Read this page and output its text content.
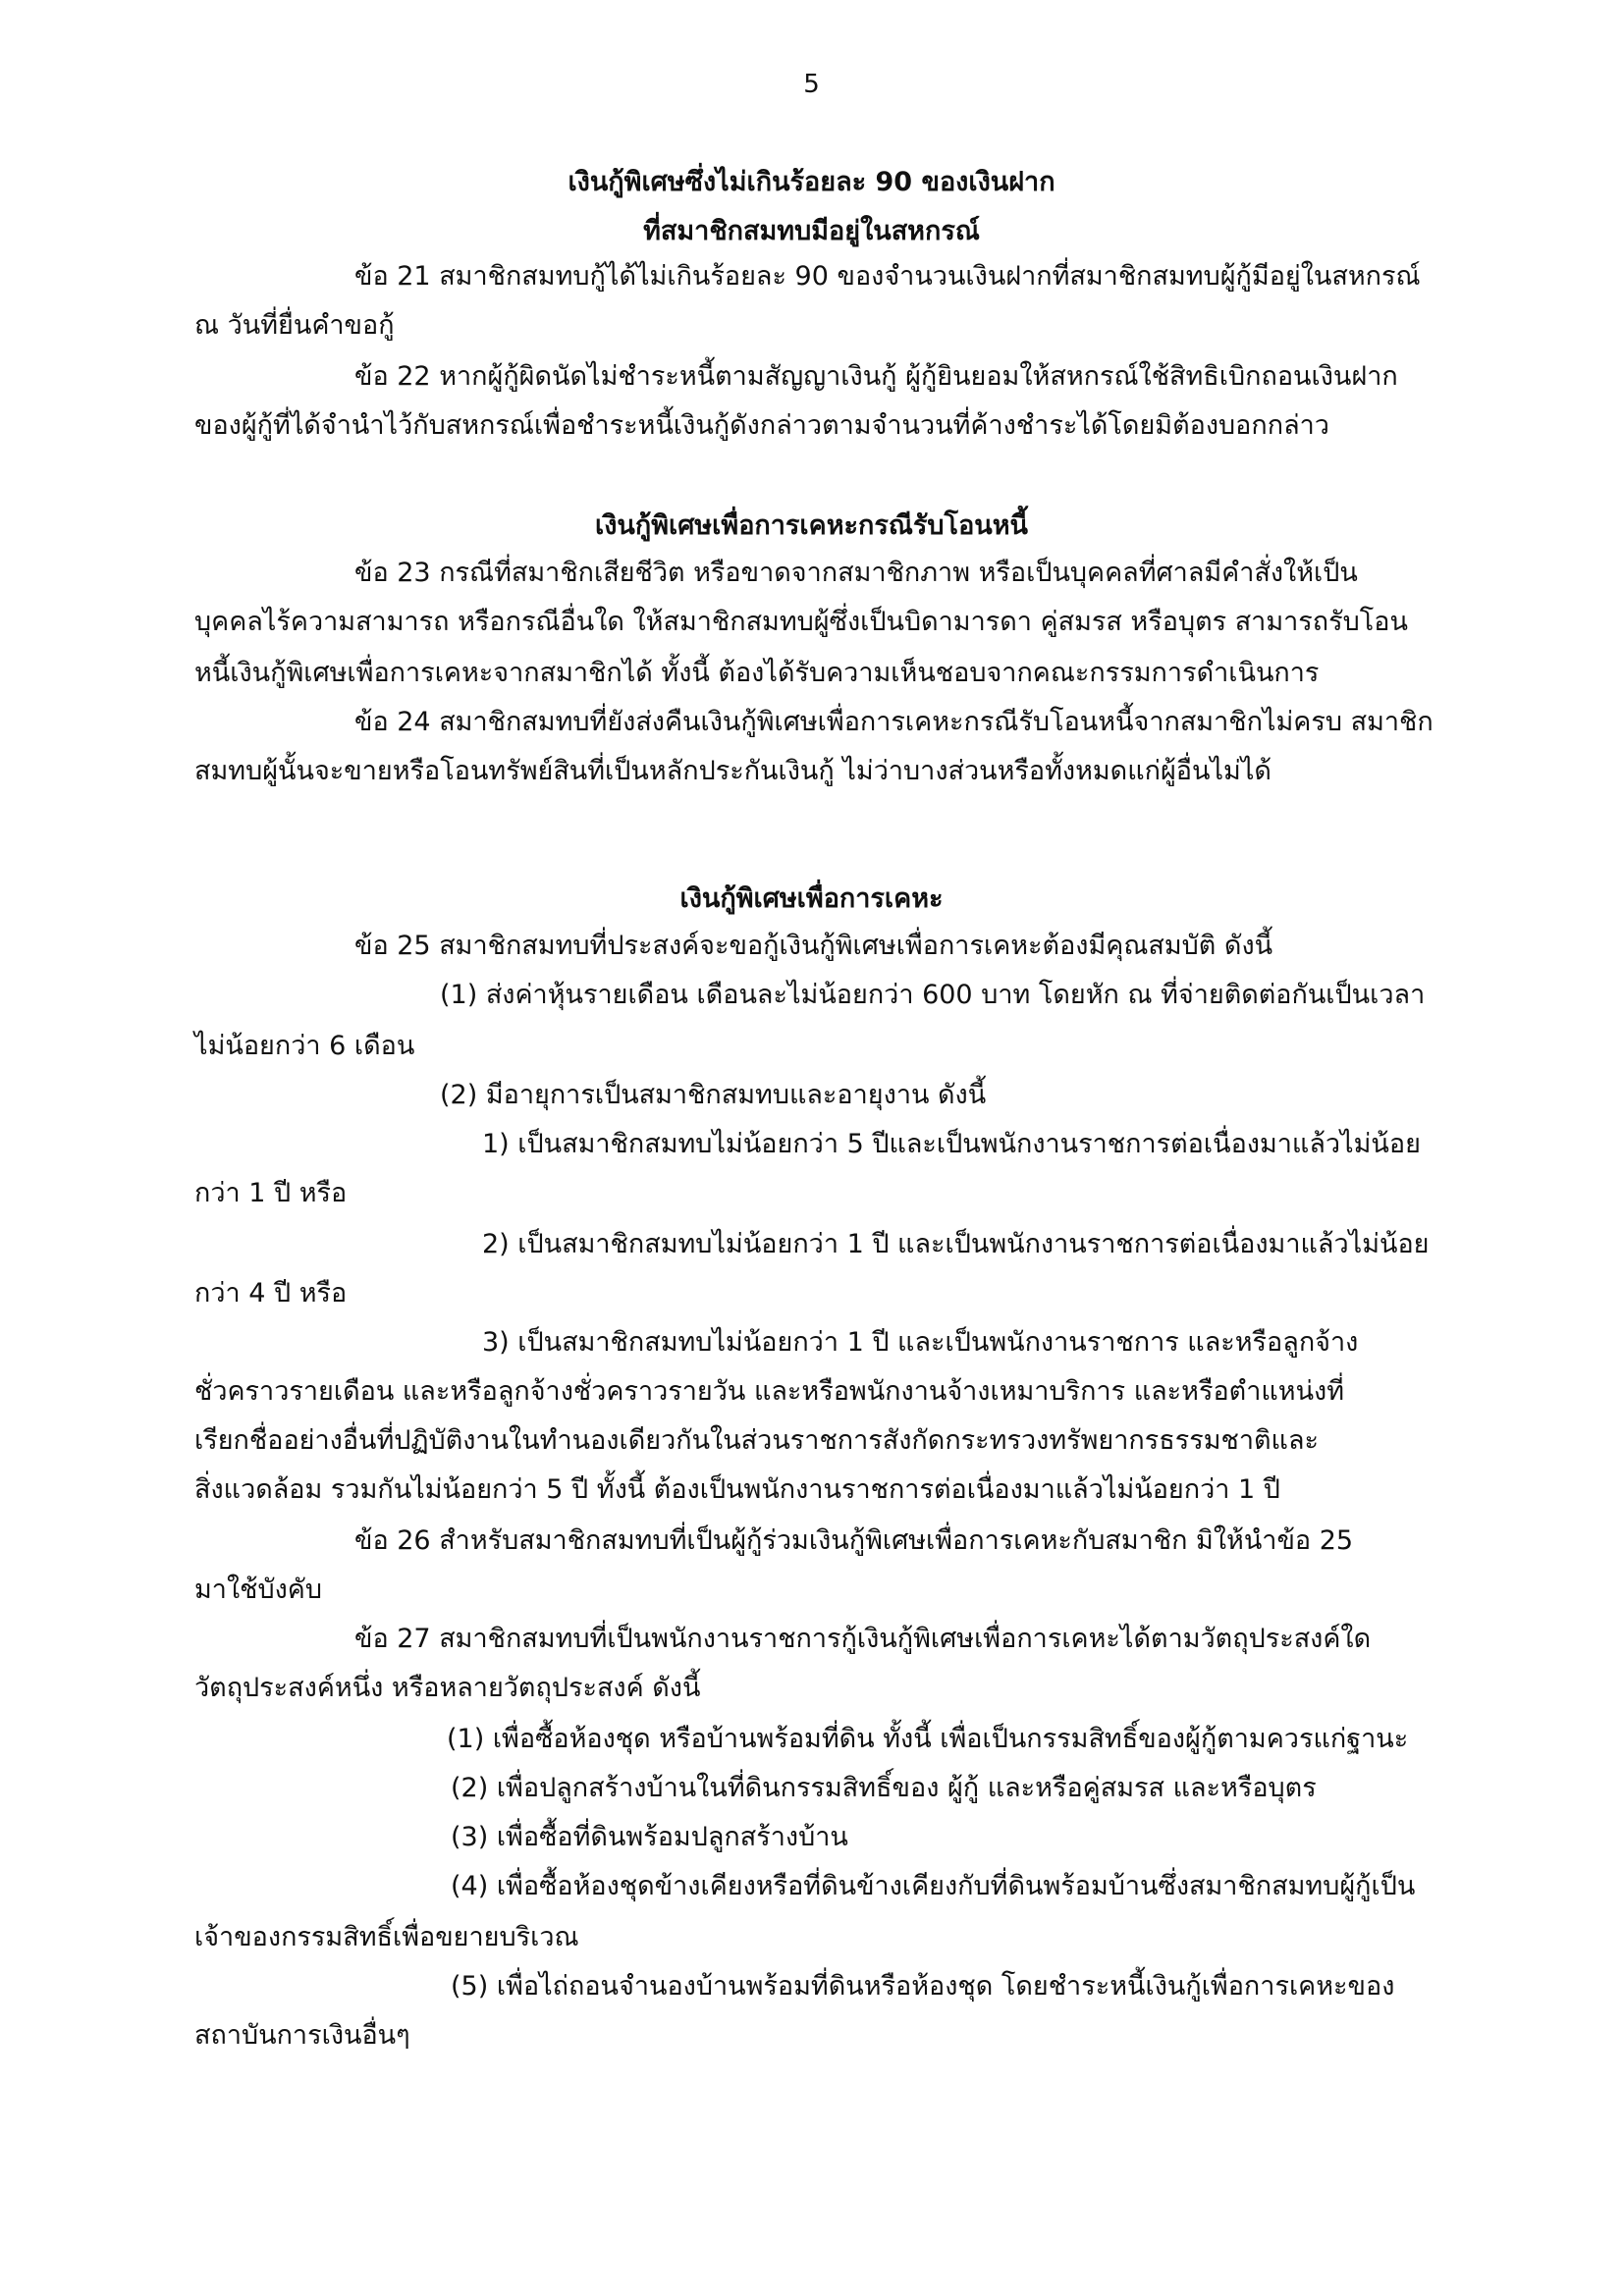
5
เงินกู้พิเศษซึ่งไม่เกินร้อยละ 90 ของเงินฝาก
ที่สมาชิกสมทบมีอยู่ในสหกรณ์
ข้อ 21 สมาชิกสมทบกู้ได้ไม่เกินร้อยละ 90 ของจำนวนเงินฝากที่สมาชิกสมทบผู้กู้มีอยู่ในสหกรณ์
ณ วันที่ยื่นคำขอกู้
ข้อ 22 หากผู้กู้ผิดนัดไม่ชำระหนี้ตามสัญญาเงินกู้ ผู้กู้ยินยอมให้สหกรณ์ใช้สิทธิเบิกถอนเงินฝาก
ของผู้กู้ที่ได้จำนำไว้กับสหกรณ์เพื่อชำระหนี้เงินกู้ดังกล่าวตามจำนวนที่ค้างชำระได้โดยมิต้องบอกกล่าว
เงินกู้พิเศษเพื่อการเคหะกรณีรับโอนหนี้
ข้อ 23 กรณีที่สมาชิกเสียชีวิต หรือขาดจากสมาชิกภาพ หรือเป็นบุคคลที่ศาลมีคำสั่งให้เป็น
บุคคลไร้ความสามารถ หรือกรณีอื่นใด ให้สมาชิกสมทบผู้ซึ่งเป็นบิดามารดา คู่สมรส หรือบุตร สามารถรับโอน
หนี้เงินกู้พิเศษเพื่อการเคหะจากสมาชิกได้ ทั้งนี้ ต้องได้รับความเห็นชอบจากคณะกรรมการดำเนินการ
ข้อ 24 สมาชิกสมทบที่ยังส่งคืนเงินกู้พิเศษเพื่อการเคหะกรณีรับโอนหนี้จากสมาชิกไม่ครบ สมาชิก
สมทบผู้นั้นจะขายหรือโอนทรัพย์สินที่เป็นหลักประกันเงินกู้ ไม่ว่าบางส่วนหรือทั้งหมดแก่ผู้อื่นไม่ได้
เงินกู้พิเศษเพื่อการเคหะ
ข้อ 25 สมาชิกสมทบที่ประสงค์จะขอกู้เงินกู้พิเศษเพื่อการเคหะต้องมีคุณสมบัติ ดังนี้
(1) ส่งค่าหุ้นรายเดือน เดือนละไม่น้อยกว่า 600 บาท โดยหัก ณ ที่จ่ายติดต่อกันเป็นเวลา
ไม่น้อยกว่า 6 เดือน
(2) มีอายุการเป็นสมาชิกสมทบและอายุงาน ดังนี้
1) เป็นสมาชิกสมทบไม่น้อยกว่า 5 ปีและเป็นพนักงานราชการต่อเนื่องมาแล้วไม่น้อย
กว่า 1 ปี หรือ
2) เป็นสมาชิกสมทบไม่น้อยกว่า 1 ปี และเป็นพนักงานราชการต่อเนื่องมาแล้วไม่น้อย
กว่า 4 ปี หรือ
3) เป็นสมาชิกสมทบไม่น้อยกว่า 1 ปี และเป็นพนักงานราชการ และหรือลูกจ้าง
ชั่วคราวรายเดือน และหรือลูกจ้างชั่วคราวรายวัน และหรือพนักงานจ้างเหมาบริการ และหรือตำแหน่งที่
เรียกชื่ออย่างอื่นที่ปฏิบัติงานในทำนองเดียวกันในส่วนราชการสังกัดกระทรวงทรัพยากรธรรมชาติและ
สิ่งแวดล้อม รวมกันไม่น้อยกว่า 5 ปี ทั้งนี้ ต้องเป็นพนักงานราชการต่อเนื่องมาแล้วไม่น้อยกว่า 1 ปี
ข้อ 26 สำหรับสมาชิกสมทบที่เป็นผู้กู้ร่วมเงินกู้พิเศษเพื่อการเคหะกับสมาชิก มิให้นำข้อ 25
มาใช้บังคับ
ข้อ 27 สมาชิกสมทบที่เป็นพนักงานราชการกู้เงินกู้พิเศษเพื่อการเคหะได้ตามวัตถุประสงค์ใด
วัตถุประสงค์หนึ่ง หรือหลายวัตถุประสงค์ ดังนี้
(1) เพื่อซื้อห้องชุด หรือบ้านพร้อมที่ดิน ทั้งนี้ เพื่อเป็นกรรมสิทธิ์ของผู้กู้ตามควรแก่ฐานะ
(2) เพื่อปลูกสร้างบ้านในที่ดินกรรมสิทธิ์ของ ผู้กู้ และหรือคู่สมรส และหรือบุตร
(3) เพื่อซื้อที่ดินพร้อมปลูกสร้างบ้าน
(4) เพื่อซื้อห้องชุดข้างเคียงหรือที่ดินข้างเคียงกับที่ดินพร้อมบ้านซึ่งสมาชิกสมทบผู้กู้เป็น
เจ้าของกรรมสิทธิ์เพื่อขยายบริเวณ
(5) เพื่อไถ่ถอนจำนองบ้านพร้อมที่ดินหรือห้องชุด โดยชำระหนี้เงินกู้เพื่อการเคหะของ
สถาบันการเงินอื่นๆ
